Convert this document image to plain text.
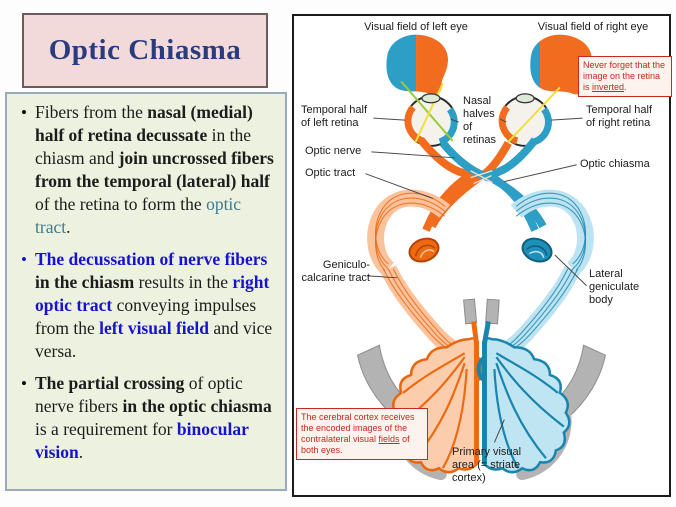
Optic Chiasma
• Fibers from the nasal (medial) half of retina decussate in the chiasm and join uncrossed fibers from the temporal (lateral) half of the retina to form the optic tract.
• The decussation of nerve fibers in the chiasm results in the right  optic tract conveying impulses from the left visual field and vice versa.
• The partial crossing of optic nerve fibers in the optic chiasma is a requirement for binocular vision.
Visual field of left eye	Visual field of right eye
Temporal half
of left retina
Nasal
halves
of
retinas
Temporal half
of right retina
Optic nerve
Optic tract
Optic chiasma
Geniculo-
calcarine tract	Lateral
geniculate
body
Primary visual
area (= striate
cortex)
Never forget that the image on the retina is inverted.
The cerebral cortex receives the encoded images of the contralateral visual fields of both eyes.
